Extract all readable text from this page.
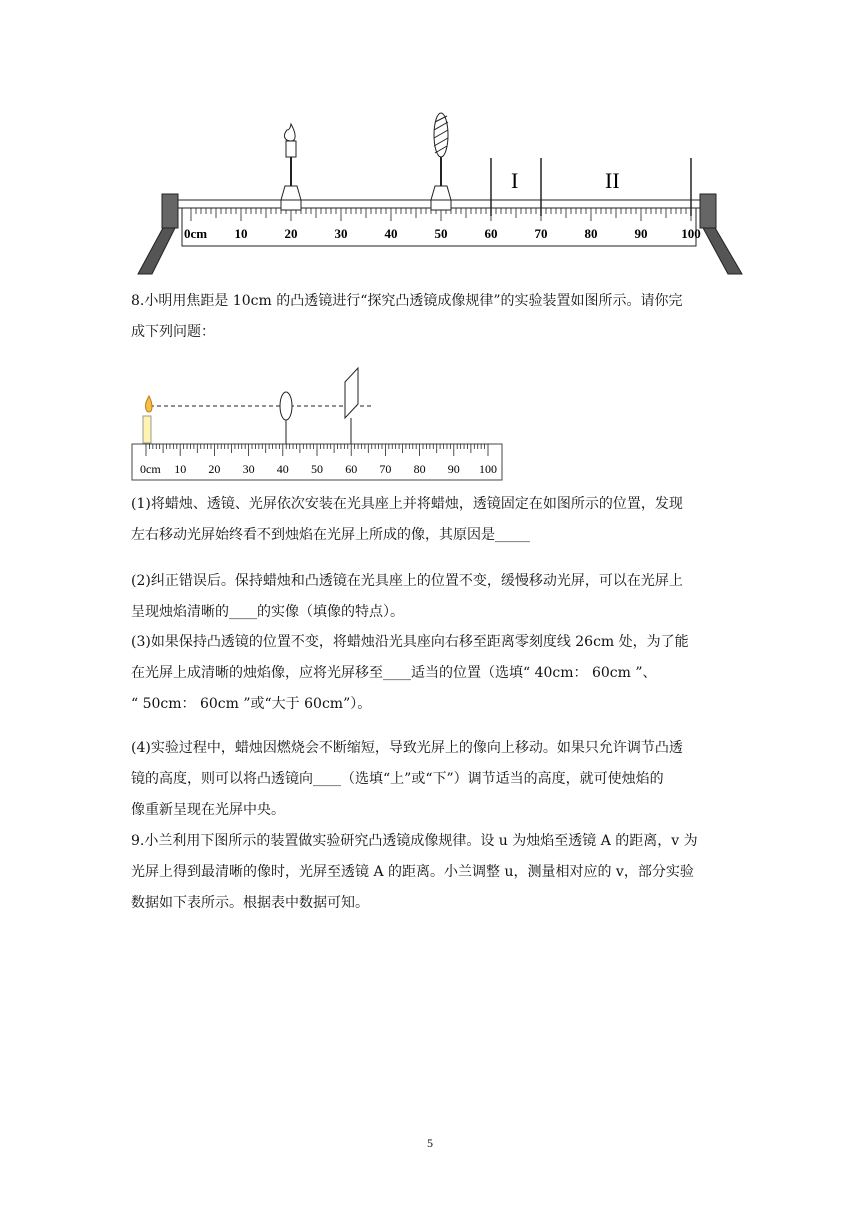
0cm 10	20	30	40	50	60	70	80	90	100
I	II

8.小明用焦距是 10cm 的凸透镜进行“探究凸透镜成像规律”的实验装置如图所示。请你完
成下列问题：

0cm 10 20 30 40 50 60 70 80 90 100

(1)将蜡烛、透镜、光屏依次安装在光具座上并将蜡烛，透镜固定在如图所示的位置，发现
左右移动光屏始终看不到烛焰在光屏上所成的像，其原因是_____

(2)纠正错误后。保持蜡烛和凸透镜在光具座上的位置不变，缓慢移动光屏，可以在光屏上
呈现烛焰清晰的____的实像（填像的特点）。

(3)如果保持凸透镜的位置不变，将蜡烛沿光具座向右移至距离零刻度线 26cm 处，为了能
在光屏上成清晰的烛焰像，应将光屏移至____适当的位置（选填“ 40cm： 60cm ”、
“ 50cm： 60cm ”或“大于 60cm”）。

(4)实验过程中，蜡烛因燃烧会不断缩短，导致光屏上的像向上移动。如果只允许调节凸透
镜的高度，则可以将凸透镜向____（选填“上”或“下”）调节适当的高度，就可使烛焰的
像重新呈现在光屏中央。

9.小兰利用下图所示的装置做实验研究凸透镜成像规律。设 u 为烛焰至透镜 A 的距离，v 为
光屏上得到最清晰的像时，光屏至透镜 A 的距离。小兰调整 u，测量相对应的 v，部分实验
数据如下表所示。根据表中数据可知。

5
